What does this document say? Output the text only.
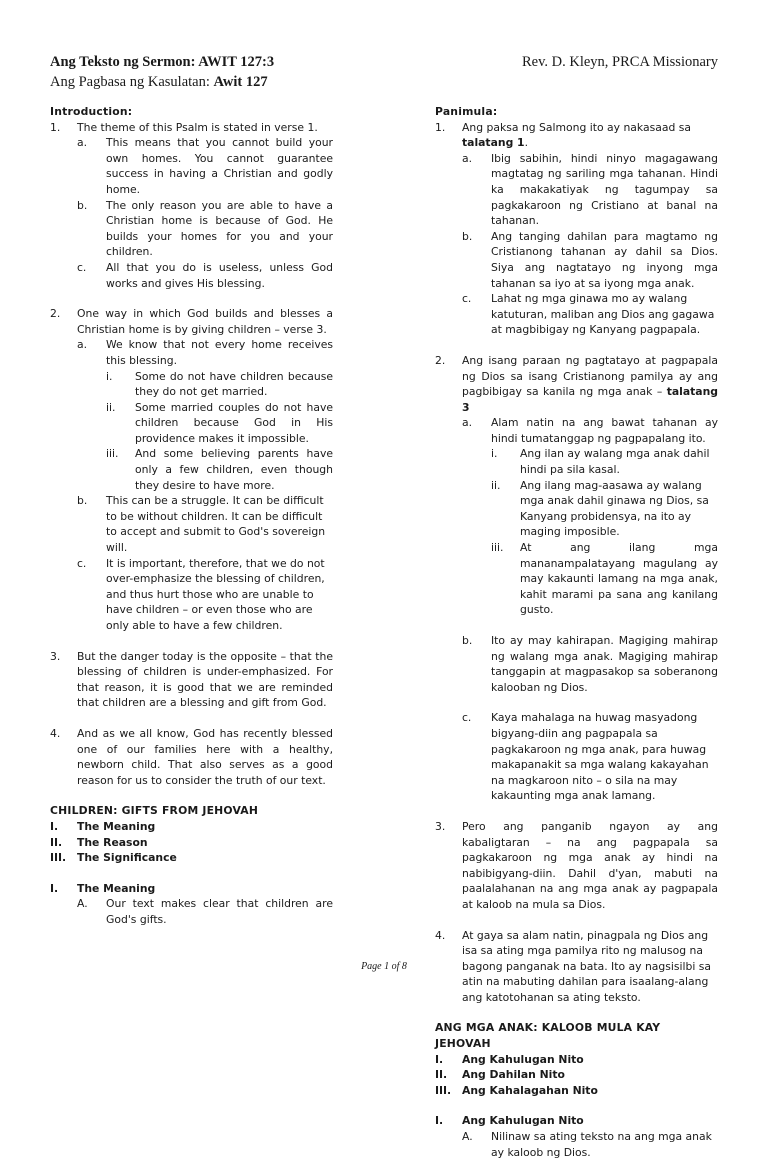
Ang Teksto ng Sermon: AWIT 127:3	Rev. D. Kleyn, PRCA Missionary
Ang Pagbasa ng Kasulatan: Awit 127
Introduction:
1.	The theme of this Psalm is stated in verse 1.
a.	This means that you cannot build your own homes. You cannot guarantee success in having a Christian and godly home.
b.	The only reason you are able to have a Christian home is because of God. He builds your homes for you and your children.
c.	All that you do is useless, unless God works and gives His blessing.
2.	One way in which God builds and blesses a Christian home is by giving children – verse 3.
a.	We know that not every home receives this blessing.
i.	Some do not have children because they do not get married.
ii.	Some married couples do not have children because God in His providence makes it impossible.
iii.	And some believing parents have only a few children, even though they desire to have more.
b.	This can be a struggle. It can be difficult to be without children. It can be difficult to accept and submit to God's sovereign will.
c.	It is important, therefore, that we do not over-emphasize the blessing of children, and thus hurt those who are unable to have children – or even those who are only able to have a few children.
3.	But the danger today is the opposite – that the blessing of children is under-emphasized. For that reason, it is good that we are reminded that children are a blessing and gift from God.
4.	And as we all know, God has recently blessed one of our families here with a healthy, newborn child. That also serves as a good reason for us to consider the truth of our text.
CHILDREN: GIFTS FROM JEHOVAH
I.	The Meaning
II.	The Reason
III.	The Significance
I.	The Meaning
A.	Our text makes clear that children are God's gifts.
Panimula:
1.	Ang paksa ng Salmong ito ay nakasaad sa talatang 1.
a.	Ibig sabihin, hindi ninyo magagawang magtatag ng sariling mga tahanan. Hindi ka makakatiyak ng tagumpay sa pagkakaroon ng Cristiano at banal na tahanan.
b.	Ang tanging dahilan para magtamo ng Cristianong tahanan ay dahil sa Dios. Siya ang nagtatayo ng inyong mga tahanan sa iyo at sa iyong mga anak.
c.	Lahat ng mga ginawa mo ay walang katuturan, maliban ang Dios ang gagawa at magbibigay ng Kanyang pagpapala.
2.	Ang isang paraan ng pagtatayo at pagpapala ng Dios sa isang Cristianong pamilya ay ang pagbibigay sa kanila ng mga anak – talatang 3
a.	Alam natin na ang bawat tahanan ay hindi tumatanggap ng pagpapalang ito.
i.	Ang ilan ay walang mga anak dahil hindi pa sila kasal.
ii.	Ang ilang mag-aasawa ay walang mga anak dahil ginawa ng Dios, sa Kanyang probidensya, na ito ay maging imposible.
iii.	At ang ilang mga mananampalatayang magulang ay may kakaunti lamang na mga anak, kahit marami pa sana ang kanilang gusto.
b.	Ito ay may kahirapan. Magiging mahirap ng walang mga anak. Magiging mahirap tanggapin at magpasakop sa soberanong kalooban ng Dios.
c.	Kaya mahalaga na huwag masyadong bigyang-diin ang pagpapala sa pagkakaroon ng mga anak, para huwag makapanakit sa mga walang kakayahan na magkaroon nito – o sila na may kakaunting mga anak lamang.
3.	Pero ang panganib ngayon ay ang kabaligtaran – na ang pagpapala sa pagkakaroon ng mga anak ay hindi na nabibigyang-diin. Dahil d'yan, mabuti na paalalahanan na ang mga anak ay pagpapala at kaloob na mula sa Dios.
4.	At gaya sa alam natin, pinagpala ng Dios ang isa sa ating mga pamilya rito ng malusog na bagong panganak na bata. Ito ay nagsisilbi sa atin na mabuting dahilan para isaalang-alang ang katotohanan sa ating teksto.
ANG MGA ANAK: KALOOB MULA KAY JEHOVAH
I.	Ang Kahulugan Nito
II.	Ang Dahilan Nito
III.	Ang Kahalagahan Nito
I.	Ang Kahulugan Nito
A.	Nilinaw sa ating teksto na ang mga anak ay kaloob ng Dios.
Page 1 of 8
